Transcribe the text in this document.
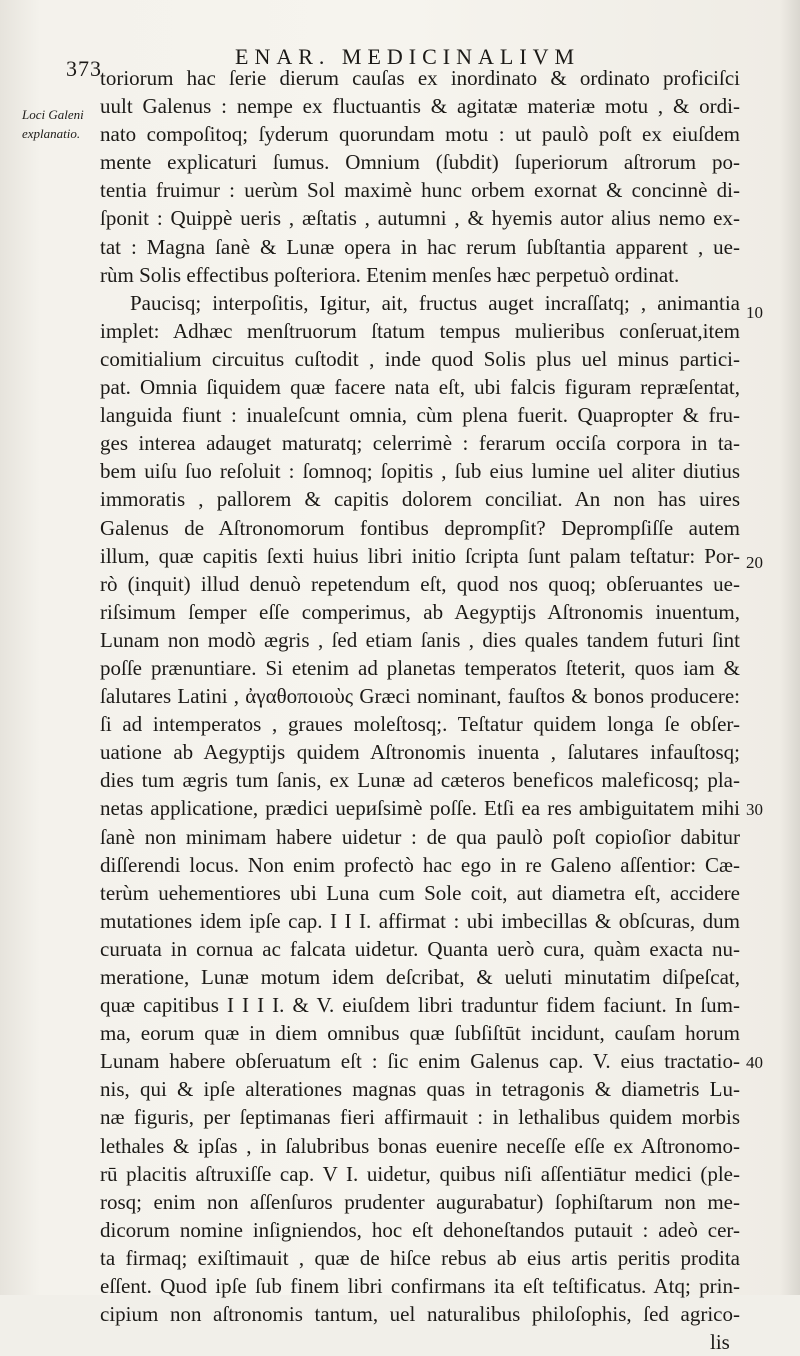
373	ENAR. MEDICINALIVM
Loci Galeni
explanatio.
10
20
30
40
toriorum hac ſerie dierum cauſas ex inordinato & ordinato proficiſci
uult Galenus : nempe ex fluctuantis & agitatæ materiæ motu , & ordi-
nato compoſitoq; ſyderum quorundam motu : ut paulò poſt ex eiuſdem
mente explicaturi ſumus. Omnium (ſubdit) ſuperiorum aſtrorum po-
tentia fruimur : uerùm Sol maximè hunc orbem exornat & concinnè di-
ſponit : Quippè ueris , æſtatis , autumni , & hyemis autor alius nemo ex-
tat : Magna ſanè & Lunæ opera in hac rerum ſubſtantia apparent , ue-
rùm Solis effectibus poſteriora. Etenim menſes hæc perpetuò ordinat.
Paucisq; interpoſitis, Igitur, ait, fructus auget incraſſatq; , animantia
implet: Adhæc menſtruorum ſtatum tempus mulieribus conſeruat,item
comitialium circuitus cuſtodit , inde quod Solis plus uel minus partici-
pat. Omnia ſiquidem quæ facere nata eſt, ubi falcis figuram repræſentat,
languida fiunt : inualeſcunt omnia, cùm plena fuerit. Quapropter & fru-
ges interea adauget maturatq; celerrimè : ferarum occiſa corpora in ta-
bem uiſu ſuo reſoluit : ſomnoq; ſopitis , ſub eius lumine uel aliter diutius
immoratis , pallorem & capitis dolorem conciliat. An non has uires
Galenus de Aſtronomorum fontibus deprompſit? Deprompſiſſe autem
illum, quæ capitis ſexti huius libri initio ſcripta ſunt palam teſtatur: Por-
rò (inquit) illud denuò repetendum eſt, quod nos quoq; obſeruantes ue-
riſsimum ſemper eſſe comperimus, ab Aegyptijs Aſtronomis inuentum,
Lunam non modò ægris , ſed etiam ſanis , dies quales tandem futuri ſint
poſſe prænuntiare. Si etenim ad planetas temperatos ſteterit, quos iam &
ſalutares Latini , ἀγαθοποιοὺς Græci nominant, fauſtos & bonos producere:
ſi ad intemperatos , graues moleſtosq;. Teſtatur quidem longa ſe obſer-
uatione ab Aegyptijs quidem Aſtronomis inuenta , ſalutares infauſtosq;
dies tum ægris tum ſanis, ex Lunæ ad cæteros beneficos maleficosq; pla-
netas applicatione, prædici uериſsimè poſſe. Etſi ea res ambiguitatem mihi
ſanè non minimam habere uidetur : de qua paulò poſt copioſior dabitur
diſſerendi locus. Non enim profectò hac ego in re Galeno aſſentior: Cæ-
terùm uehementiores ubi Luna cum Sole coit, aut diametra eſt, accidere
mutationes idem ipſe cap. I I I. affirmat : ubi imbecillas & obſcuras, dum
curuata in cornua ac falcata uidetur. Quanta uerò cura, quàm exacta nu-
meratione, Lunæ motum idem deſcribat, & ueluti minutatim diſpeſcat,
quæ capitibus I I I I. & V. eiuſdem libri traduntur fidem faciunt. In ſum-
ma, eorum quæ in diem omnibus quæ ſubſiſtūt incidunt, cauſam horum
Lunam habere obſeruatum eſt : ſic enim Galenus cap. V. eius tractatio-
nis, qui & ipſe alterationes magnas quas in tetragonis & diametris Lu-
næ figuris, per ſeptimanas fieri affirmauit : in lethalibus quidem morbis
lethales & ipſas , in ſalubribus bonas euenire neceſſe eſſe ex Aſtronomo-
rū placitis aſtruxiſſe cap. V I. uidetur, quibus niſi aſſentiātur medici (ple-
rosq; enim non aſſenſuros prudenter augurabatur) ſophiſtarum non me-
dicorum nomine inſigniendos, hoc eſt dehoneſtandos putauit : adeò cer-
ta firmaq; exiſtimauit , quæ de hiſce rebus ab eius artis peritis prodita
eſſent. Quod ipſe ſub finem libri confirmans ita eſt teſtificatus. Atq; prin-
cipium non aſtronomis tantum, uel naturalibus philoſophis, ſed agrico-
lis
